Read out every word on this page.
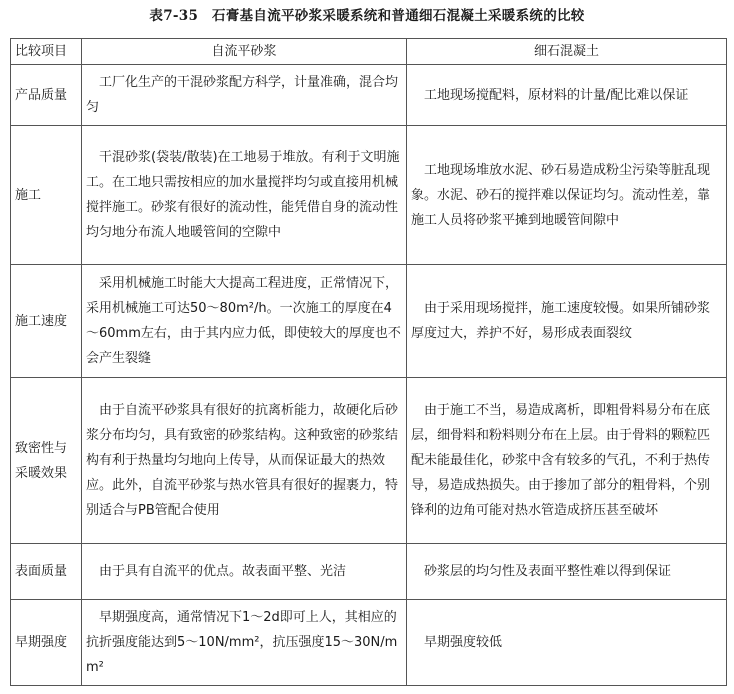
表7-35　石膏基自流平砂浆采暖系统和普通细石混凝土采暖系统的比较
比较项目	自流平砂浆	细石混凝土
产品质量	　工厂化生产的干混砂浆配方科学，计量准确，混合均匀	　工地现场搅配料，原材料的计量/配比难以保证
施工	　干混砂浆(袋装/散装)在工地易于堆放。有利于文明施工。在工地只需按相应的加水量搅拌均匀或直接用机械搅拌施工。砂浆有很好的流动性，能凭借自身的流动性均匀地分布流人地暖管间的空隙中	　工地现场堆放水泥、砂石易造成粉尘污染等脏乱现象。水泥、砂石的搅拌难以保证均匀。流动性差，靠施工人员将砂浆平摊到地暖管间隙中
施工速度	　采用机械施工时能大大提高工程进度，正常情况下，采用机械施工可达50～80m²/h。一次施工的厚度在4～60mm左右，由于其内应力低，即使较大的厚度也不会产生裂缝	　由于采用现场搅拌，施工速度较慢。如果所铺砂浆厚度过大，养护不好，易形成表面裂纹
致密性与采暖效果	　由于自流平砂浆具有很好的抗离析能力，故硬化后砂浆分布均匀，具有致密的砂浆结构。这种致密的砂浆结构有利于热量均匀地向上传导，从而保证最大的热效应。此外，自流平砂浆与热水管具有很好的握裹力，特别适合与PB管配合使用	　由于施工不当，易造成离析，即粗骨料易分布在底层，细骨料和粉料则分布在上层。由于骨料的颗粒匹配未能最佳化，砂浆中含有较多的气孔，不利于热传导，易造成热损失。由于掺加了部分的粗骨料，个别锋利的边角可能对热水管造成挤压甚至破坏
表面质量	　由于具有自流平的优点。故表面平整、光洁	　砂浆层的均匀性及表面平整性难以得到保证
早期强度	　早期强度高，通常情况下1～2d即可上人，其相应的抗折强度能达到5～10N/mm²，抗压强度15～30N/mm²	　早期强度较低
